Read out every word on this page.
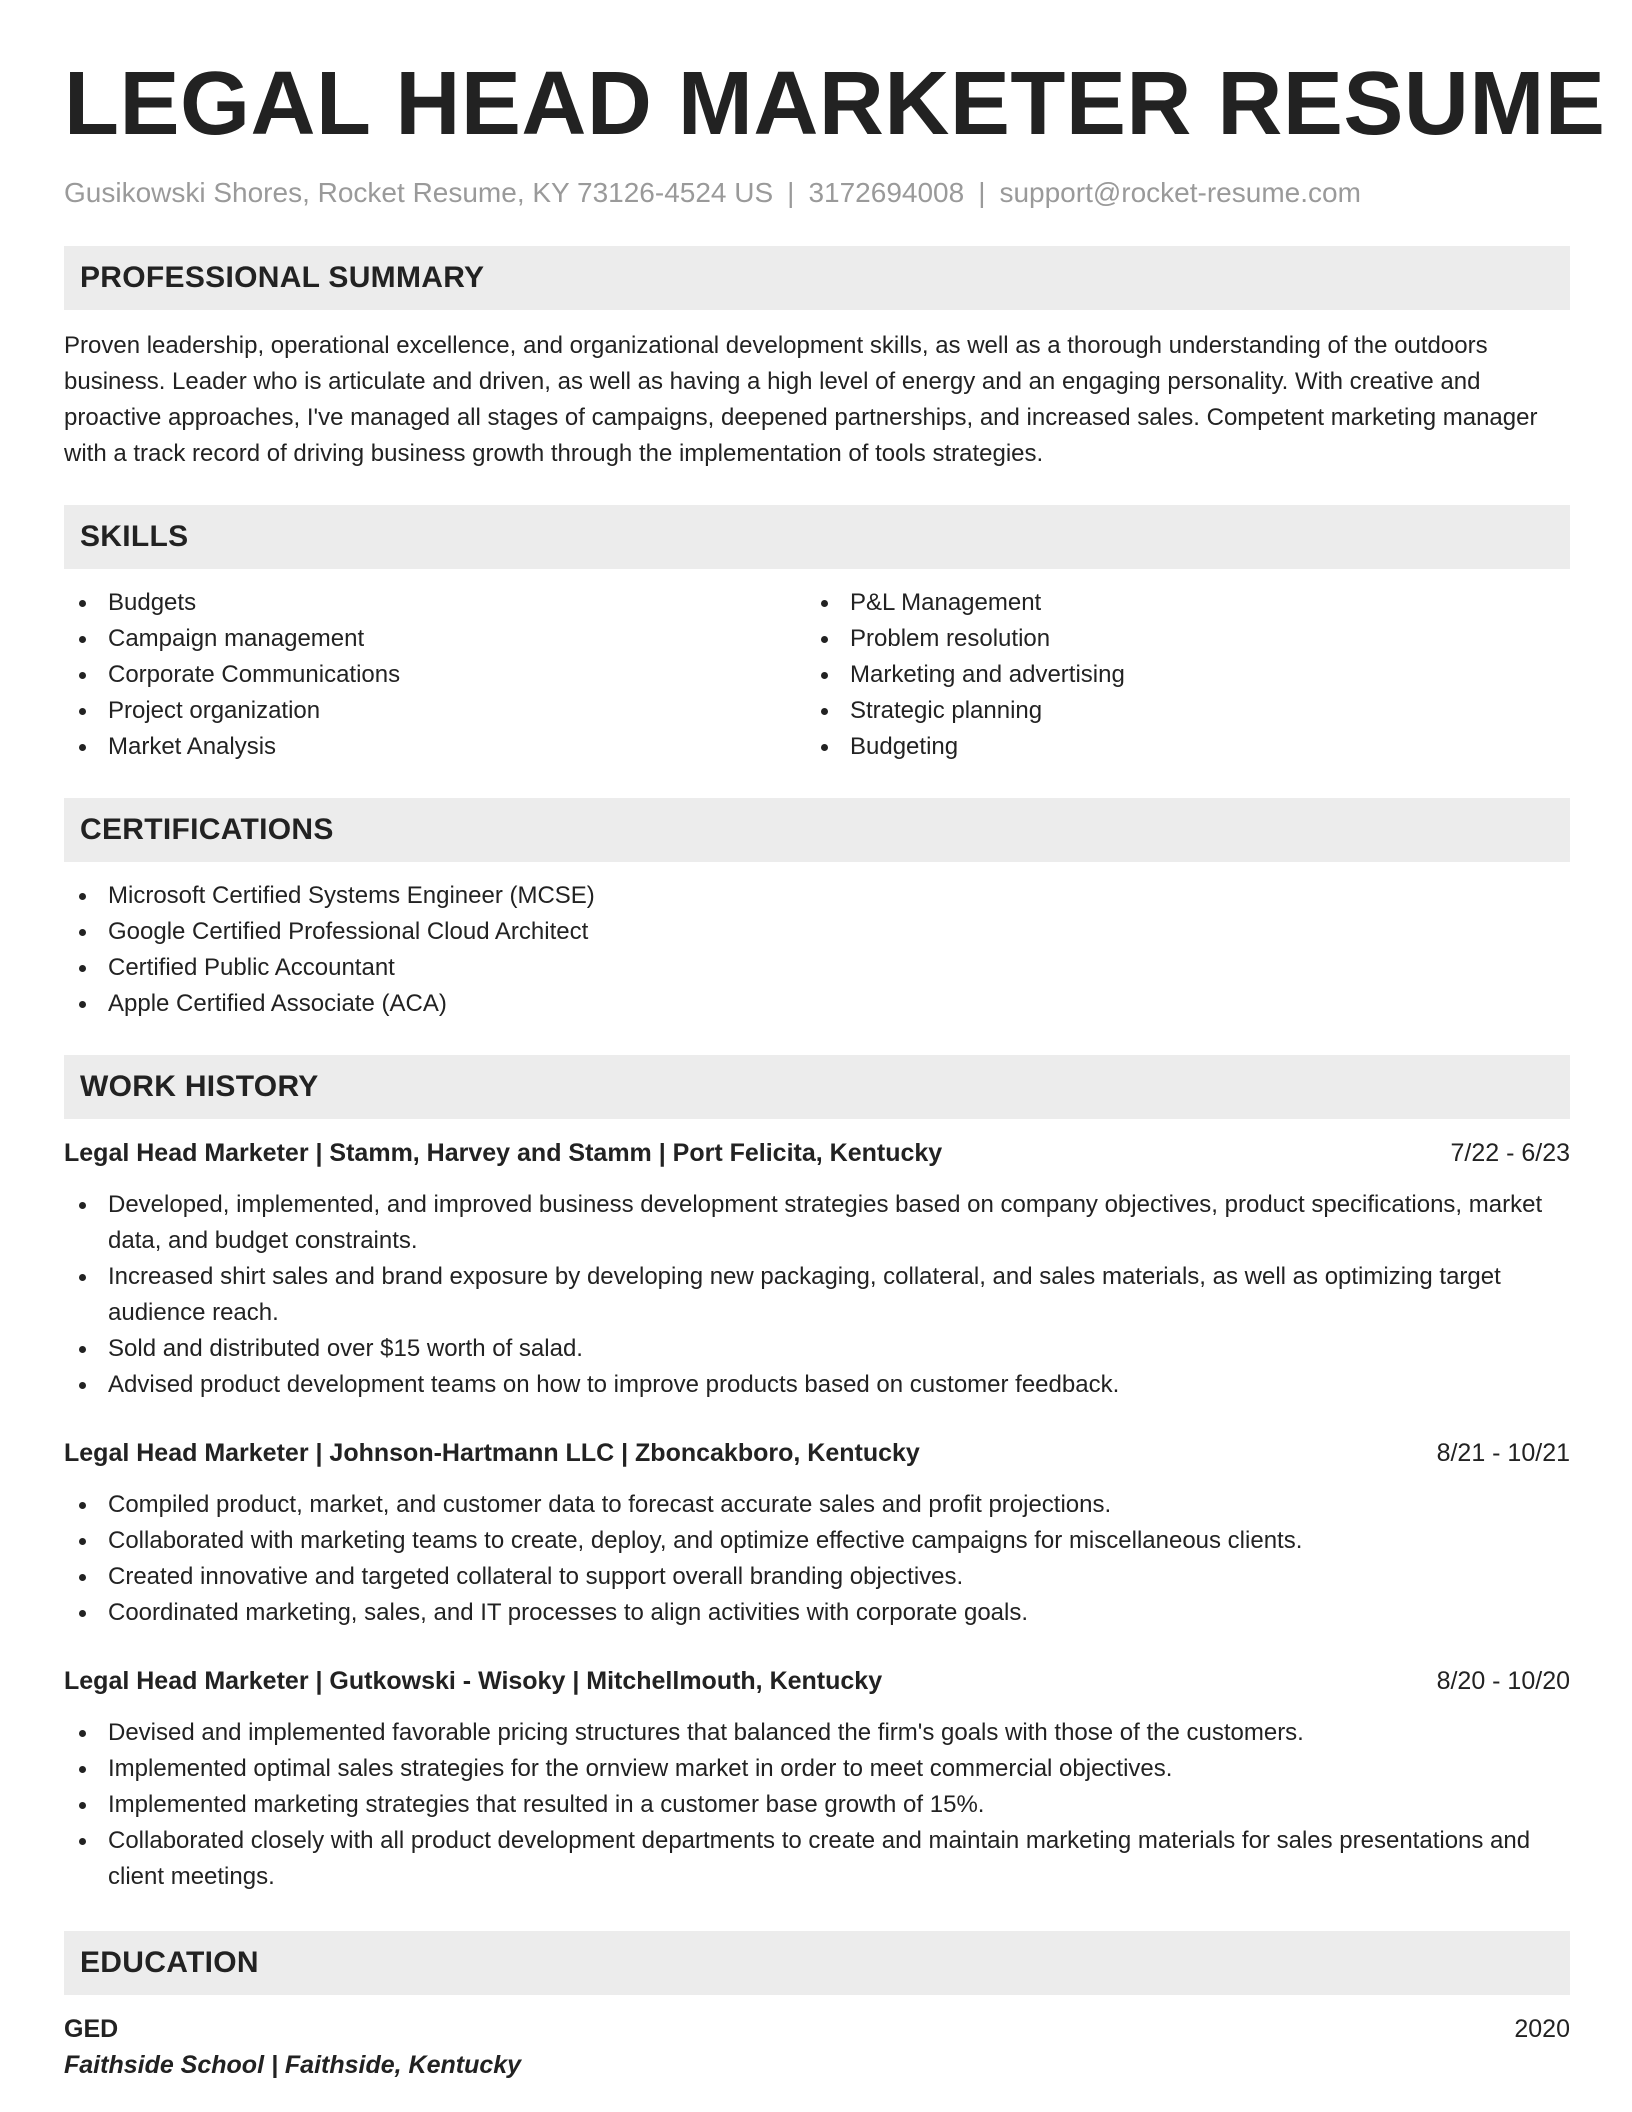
LEGAL HEAD MARKETER RESUME
Gusikowski Shores, Rocket Resume, KY 73126-4524 US | 3172694008 | support@rocket-resume.com
PROFESSIONAL SUMMARY
Proven leadership, operational excellence, and organizational development skills, as well as a thorough understanding of the outdoors business. Leader who is articulate and driven, as well as having a high level of energy and an engaging personality. With creative and proactive approaches, I've managed all stages of campaigns, deepened partnerships, and increased sales. Competent marketing manager with a track record of driving business growth through the implementation of tools strategies.
SKILLS
Budgets
Campaign management
Corporate Communications
Project organization
Market Analysis
P&L Management
Problem resolution
Marketing and advertising
Strategic planning
Budgeting
CERTIFICATIONS
Microsoft Certified Systems Engineer (MCSE)
Google Certified Professional Cloud Architect
Certified Public Accountant
Apple Certified Associate (ACA)
WORK HISTORY
Legal Head Marketer | Stamm, Harvey and Stamm | Port Felicita, Kentucky	7/22 - 6/23
Developed, implemented, and improved business development strategies based on company objectives, product specifications, market data, and budget constraints.
Increased shirt sales and brand exposure by developing new packaging, collateral, and sales materials, as well as optimizing target audience reach.
Sold and distributed over $15 worth of salad.
Advised product development teams on how to improve products based on customer feedback.
Legal Head Marketer | Johnson-Hartmann LLC | Zboncakboro, Kentucky	8/21 - 10/21
Compiled product, market, and customer data to forecast accurate sales and profit projections.
Collaborated with marketing teams to create, deploy, and optimize effective campaigns for miscellaneous clients.
Created innovative and targeted collateral to support overall branding objectives.
Coordinated marketing, sales, and IT processes to align activities with corporate goals.
Legal Head Marketer | Gutkowski - Wisoky | Mitchellmouth, Kentucky	8/20 - 10/20
Devised and implemented favorable pricing structures that balanced the firm's goals with those of the customers.
Implemented optimal sales strategies for the ornview market in order to meet commercial objectives.
Implemented marketing strategies that resulted in a customer base growth of 15%.
Collaborated closely with all product development departments to create and maintain marketing materials for sales presentations and client meetings.
EDUCATION
GED	2020
Faithside School | Faithside, Kentucky
